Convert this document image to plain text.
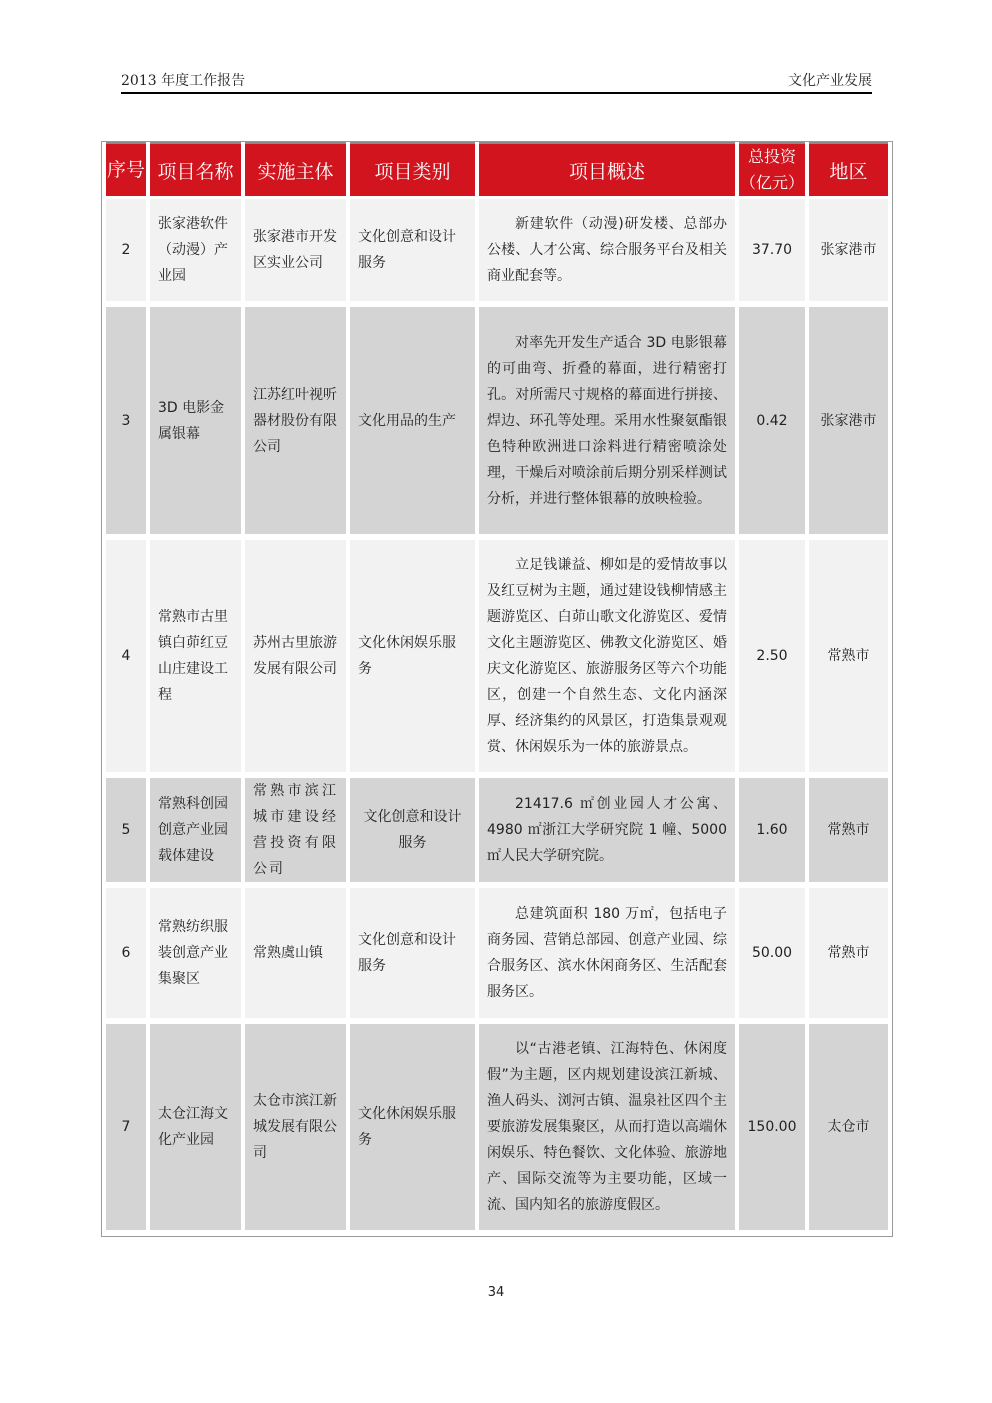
2013 年度工作报告	文化产业发展
序号	项目名称	实施主体	项目类别	项目概述	总投资（亿元）	地区
2	张家港软件（动漫）产业园	张家港市开发区实业公司	文化创意和设计服务	新建软件（动漫)研发楼、总部办公楼、人才公寓、综合服务平台及相关商业配套等。	37.70	张家港市
3	3D 电影金属银幕	江苏红叶视听器材股份有限公司	文化用品的生产	对率先开发生产适合 3D 电影银幕的可曲弯、折叠的幕面，进行精密打孔。对所需尺寸规格的幕面进行拼接、焊边、环孔等处理。采用水性聚氨酯银色特种欧洲进口涂料进行精密喷涂处理，干燥后对喷涂前后期分别采样测试分析，并进行整体银幕的放映检验。	0.42	张家港市
4	常熟市古里镇白茆红豆山庄建设工程	苏州古里旅游发展有限公司	文化休闲娱乐服务	立足钱谦益、柳如是的爱情故事以及红豆树为主题，通过建设钱柳情感主题游览区、白茆山歌文化游览区、爱情文化主题游览区、佛教文化游览区、婚庆文化游览区、旅游服务区等六个功能区，创建一个自然生态、文化内涵深厚、经济集约的风景区，打造集景观观赏、休闲娱乐为一体的旅游景点。	2.50	常熟市
5	常熟科创园创意产业园载体建设	常熟市滨江城市建设经营投资有限公司	文化创意和设计服务	21417.6 ㎡创业园人才公寓、4980 ㎡浙江大学研究院 1 幢、5000 ㎡人民大学研究院。	1.60	常熟市
6	常熟纺织服装创意产业集聚区	常熟虞山镇	文化创意和设计服务	总建筑面积 180 万㎡，包括电子商务园、营销总部园、创意产业园、综合服务区、滨水休闲商务区、生活配套服务区。	50.00	常熟市
7	太仓江海文化产业园	太仓市滨江新城发展有限公司	文化休闲娱乐服务	以“古港老镇、江海特色、休闲度假”为主题，区内规划建设滨江新城、渔人码头、浏河古镇、温泉社区四个主要旅游发展集聚区，从而打造以高端休闲娱乐、特色餐饮、文化体验、旅游地产、国际交流等为主要功能，区域一流、国内知名的旅游度假区。	150.00	太仓市
34
